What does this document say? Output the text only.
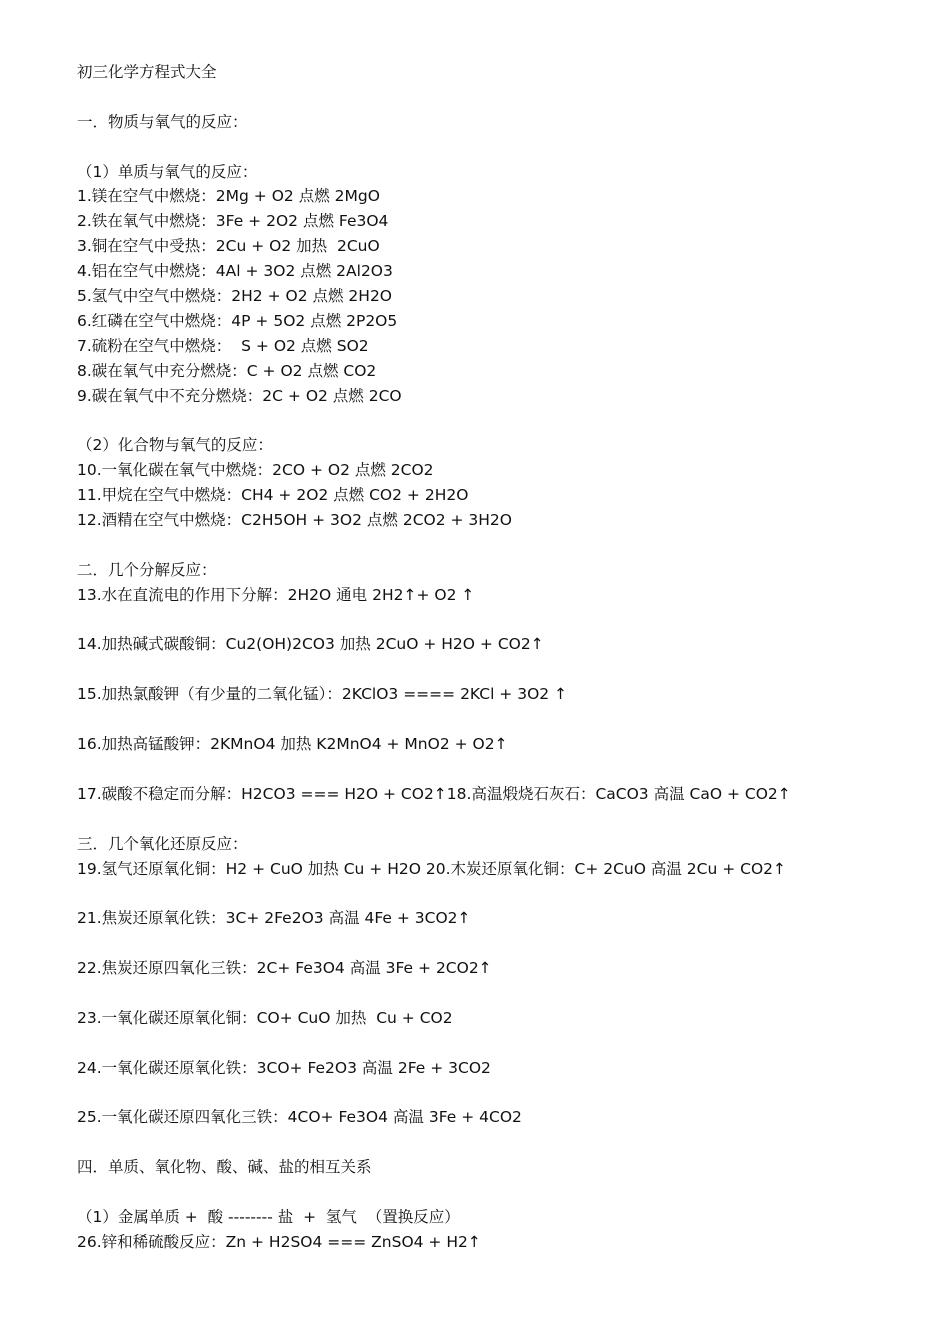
初三化学方程式大全
一．物质与氧气的反应：
（1）单质与氧气的反应：
1.镁在空气中燃烧：2Mg + O2 点燃 2MgO
2.铁在氧气中燃烧：3Fe + 2O2 点燃 Fe3O4
3.铜在空气中受热：2Cu + O2 加热  2CuO
4.铝在空气中燃烧：4Al + 3O2 点燃 2Al2O3
5.氢气中空气中燃烧：2H2 + O2 点燃 2H2O
6.红磷在空气中燃烧：4P + 5O2 点燃 2P2O5
7.硫粉在空气中燃烧：  S + O2 点燃 SO2
8.碳在氧气中充分燃烧：C + O2 点燃 CO2
9.碳在氧气中不充分燃烧：2C + O2 点燃 2CO
（2）化合物与氧气的反应：
10.一氧化碳在氧气中燃烧：2CO + O2 点燃 2CO2
11.甲烷在空气中燃烧：CH4 + 2O2 点燃 CO2 + 2H2O
12.酒精在空气中燃烧：C2H5OH + 3O2 点燃 2CO2 + 3H2O
二．几个分解反应：
13.水在直流电的作用下分解：2H2O 通电 2H2↑+ O2 ↑
14.加热碱式碳酸铜：Cu2(OH)2CO3 加热 2CuO + H2O + CO2↑
15.加热氯酸钾（有少量的二氧化锰）：2KClO3 ==== 2KCl + 3O2 ↑
16.加热高锰酸钾：2KMnO4 加热 K2MnO4 + MnO2 + O2↑
17.碳酸不稳定而分解：H2CO3 === H2O + CO2↑18.高温煅烧石灰石：CaCO3 高温 CaO + CO2↑
三．几个氧化还原反应：
19.氢气还原氧化铜：H2 + CuO 加热 Cu + H2O 20.木炭还原氧化铜：C+ 2CuO 高温 2Cu + CO2↑
21.焦炭还原氧化铁：3C+ 2Fe2O3 高温 4Fe + 3CO2↑
22.焦炭还原四氧化三铁：2C+ Fe3O4 高温 3Fe + 2CO2↑
23.一氧化碳还原氧化铜：CO+ CuO 加热  Cu + CO2
24.一氧化碳还原氧化铁：3CO+ Fe2O3 高温 2Fe + 3CO2
25.一氧化碳还原四氧化三铁：4CO+ Fe3O4 高温 3Fe + 4CO2
四．单质、氧化物、酸、碱、盐的相互关系
（1）金属单质 +  酸 -------- 盐  +  氢气  （置换反应）
26.锌和稀硫酸反应：Zn + H2SO4 === ZnSO4 + H2↑
